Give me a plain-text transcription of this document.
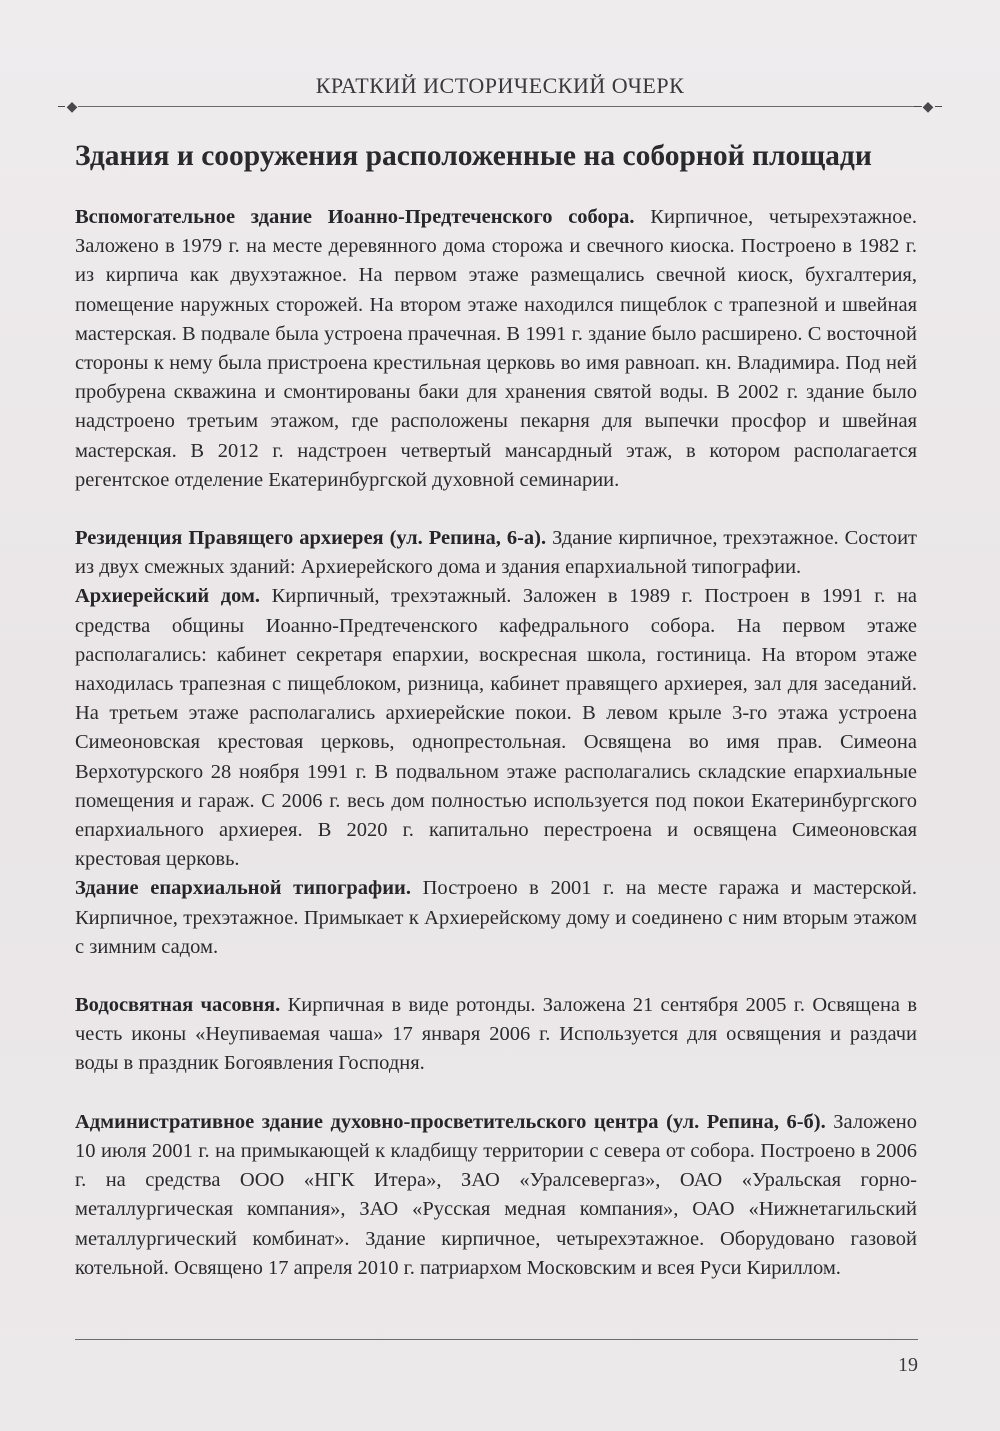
КРАТКИЙ ИСТОРИЧЕСКИЙ ОЧЕРК
◆	◆
Здания и сооружения расположенные на соборной площади

Вспомогательное здание Иоанно-Предтеченского собора. Кирпичное, четырехэтажное. Заложено в 1979 г. на месте деревянного дома сторожа и свечного киоска. Построено в 1982 г. из кирпича как двухэтажное. На первом этаже размещались свечной киоск, бухгалтерия, помещение наружных сторожей. На втором этаже находился пищеблок с трапезной и швейная мастерская. В подвале была устроена прачечная. В 1991 г. здание было расширено. С восточной стороны к нему была пристроена крестильная церковь во имя равноап. кн. Владимира. Под ней пробурена скважина и смонтированы баки для хранения святой воды. В 2002 г. здание было надстроено третьим этажом, где расположены пекарня для выпечки просфор и швейная мастерская. В 2012 г. надстроен четвертый мансардный этаж, в котором располагается регентское отделение Екатеринбургской духовной семинарии.

Резиденция Правящего архиерея (ул. Репина, 6-а). Здание кирпичное, трехэтажное. Состоит из двух смежных зданий: Архиерейского дома и здания епархиальной типографии.

Архиерейский дом. Кирпичный, трехэтажный. Заложен в 1989 г. Построен в 1991 г. на средства общины Иоанно-Предтеченского кафедрального собора. На первом этаже располагались: кабинет секретаря епархии, воскресная школа, гостиница. На втором этаже находилась трапезная с пищеблоком, ризница, кабинет правящего архиерея, зал для заседаний. На третьем этаже располагались архиерейские покои. В левом крыле 3-го этажа устроена Симеоновская крестовая церковь, однопрестольная. Освящена во имя прав. Симеона Верхотурского 28 ноября 1991 г. В подвальном этаже располагались складские епархиальные помещения и гараж. С 2006 г. весь дом полностью используется под покои Екатеринбургского епархиального архиерея. В 2020 г. капитально перестроена и освящена Симеоновская крестовая церковь.

Здание епархиальной типографии. Построено в 2001 г. на месте гаража и мастерской. Кирпичное, трехэтажное. Примыкает к Архиерейскому дому и соединено с ним вторым этажом с зимним садом.

Водосвятная часовня. Кирпичная в виде ротонды. Заложена 21 сентября 2005 г. Освящена в честь иконы «Неупиваемая чаша» 17 января 2006 г. Используется для освящения и раздачи воды в праздник Богоявления Господня.

Административное здание духовно-просветительского центра (ул. Репина, 6-б). Заложено 10 июля 2001 г. на примыкающей к кладбищу территории с севера от собора. Построено в 2006 г. на средства ООО «НГК Итера», ЗАО «Уралсевергаз», ОАО «Уральская горно-металлургическая компания», ЗАО «Русская медная компания», ОАО «Нижнетагильский металлургический комбинат». Здание кирпичное, четырехэтажное. Оборудовано газовой котельной. Освящено 17 апреля 2010 г. патриархом Московским и всея Руси Кириллом.

19
